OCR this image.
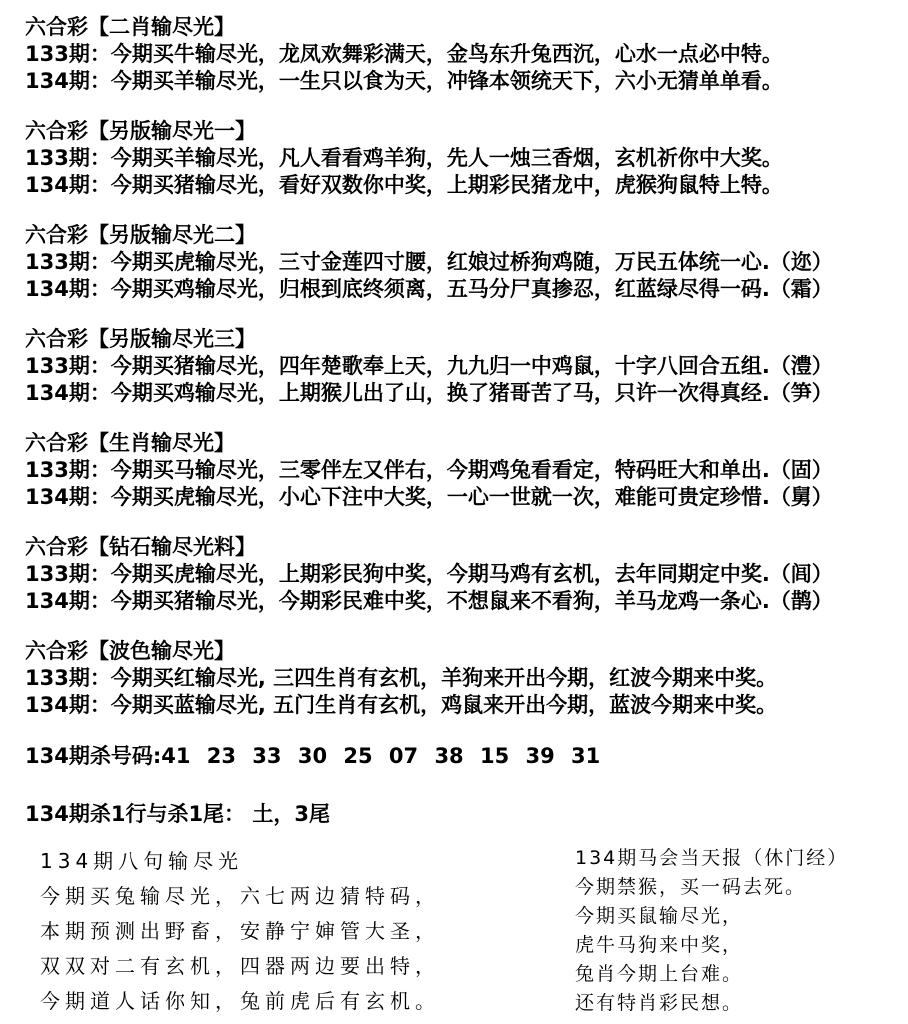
六合彩【二肖输尽光】
133期：今期买牛输尽光，龙凤欢舞彩满天，金鸟东升兔西沉，心水一点必中特。
134期：今期买羊输尽光，一生只以食为天，冲锋本领统天下，六小无猜单单看。
六合彩【另版输尽光一】
133期：今期买羊输尽光，凡人看看鸡羊狗，先人一烛三香烟，玄机祈你中大奖。
134期：今期买猪输尽光，看好双数你中奖，上期彩民猪龙中，虎猴狗鼠特上特。
六合彩【另版输尽光二】
133期：今期买虎输尽光，三寸金莲四寸腰，红娘过桥狗鸡随，万民五体统一心.（迩）
134期：今期买鸡输尽光，归根到底终须离，五马分尸真掺忍，红蓝绿尽得一码.（霜）
六合彩【另版输尽光三】
133期：今期买猪输尽光，四年楚歌奉上天，九九归一中鸡鼠，十字八回合五组.（澧）
134期：今期买鸡输尽光，上期猴儿出了山，换了猪哥苦了马，只许一次得真经.（笋）
六合彩【生肖输尽光】
133期：今期买马输尽光，三零伴左又伴右，今期鸡兔看看定，特码旺大和单出.（固）
134期：今期买虎输尽光，小心下注中大奖，一心一世就一次，难能可贵定珍惜.（舅）
六合彩【钻石输尽光料】
133期：今期买虎输尽光，上期彩民狗中奖，今期马鸡有玄机，去年同期定中奖.（闾）
134期：今期买猪输尽光，今期彩民难中奖，不想鼠来不看狗，羊马龙鸡一条心.（鹊）
六合彩【波色输尽光】
133期：今期买红输尽光, 三四生肖有玄机，羊狗来开出今期，红波今期来中奖。
134期：今期买蓝输尽光, 五门生肖有玄机，鸡鼠来开出今期，蓝波今期来中奖。
134期杀号码:41 23 33 30 25 07 38 15 39 31
134期杀1行与杀1尾： 土，3尾
134期八句输尽光
今期买兔输尽光，六七两边猜特码，
本期预测出野畜，安静宁婶管大圣，
双双对二有玄机，四器两边要出特，
今期道人话你知，兔前虎后有玄机。
134期马会当天报（休门经）
今期禁猴，买一码去死。
今期买鼠输尽光，
虎牛马狗来中奖，
兔肖今期上台难。
还有特肖彩民想。
